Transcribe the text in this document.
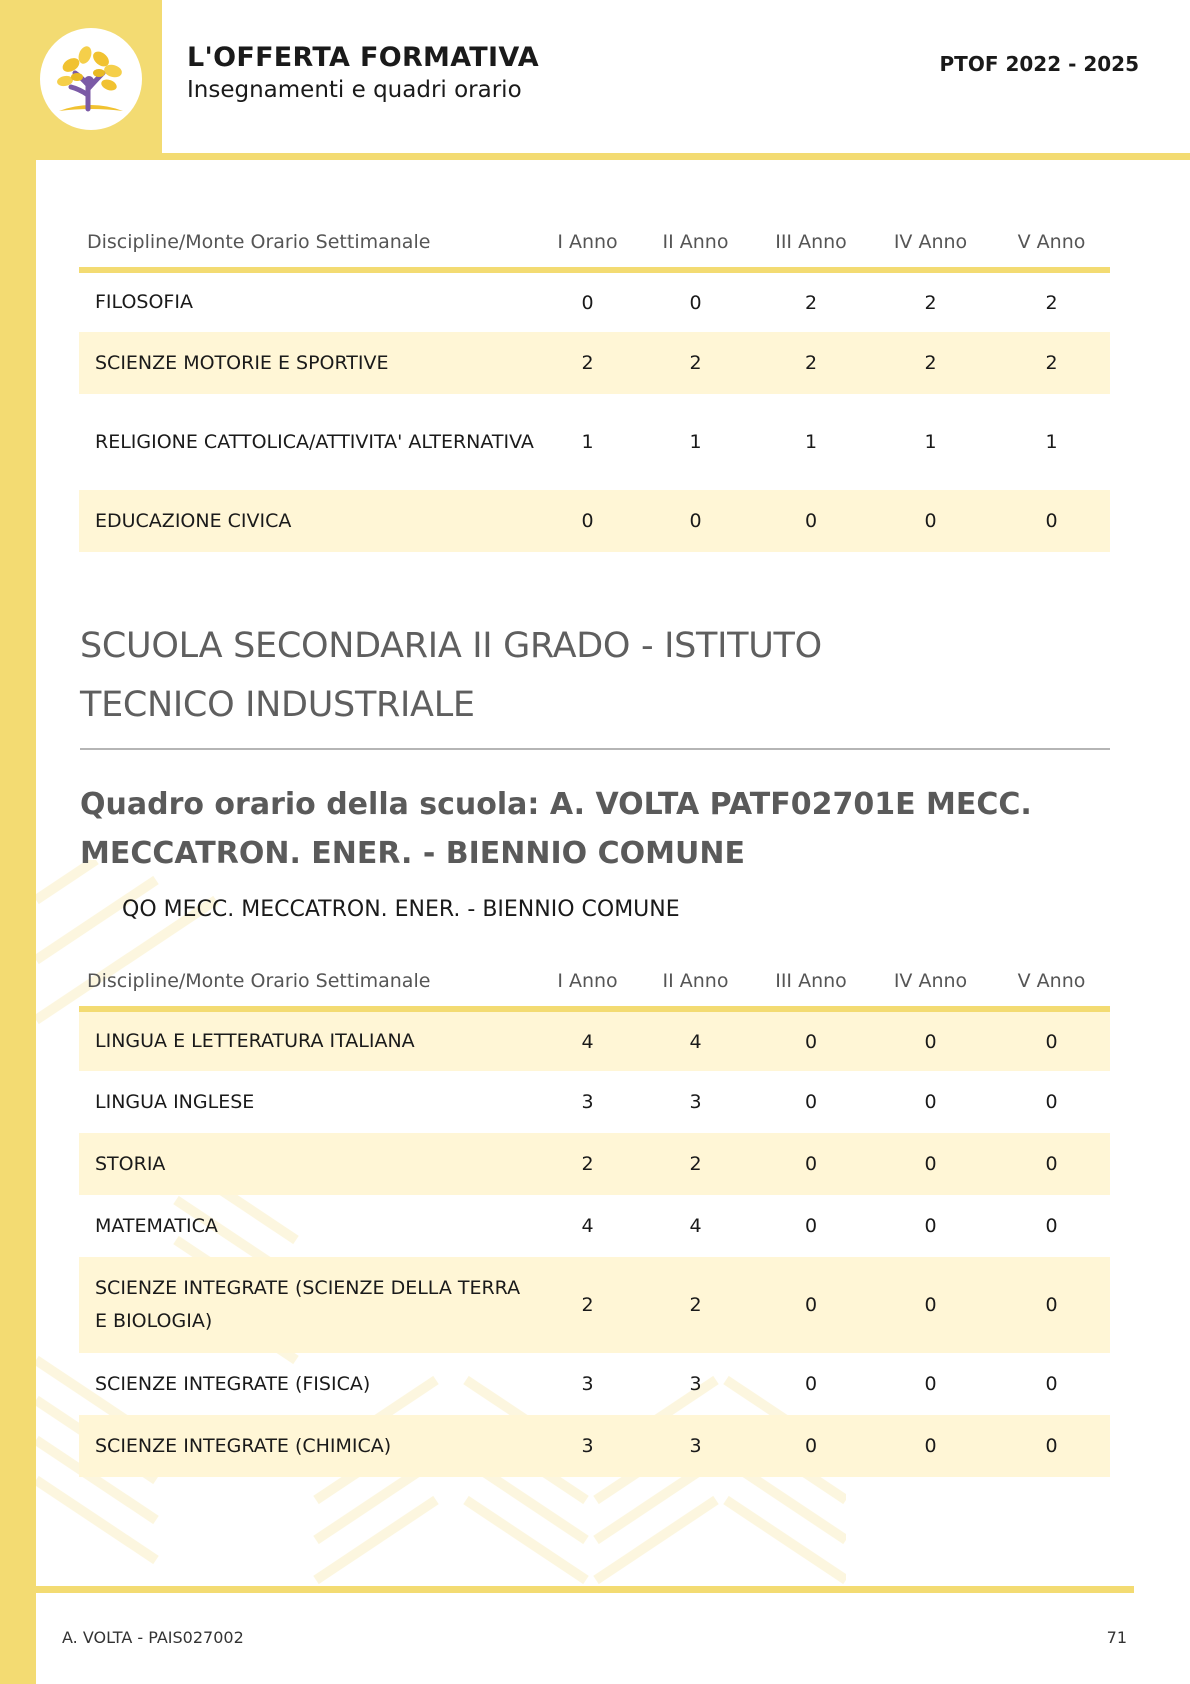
L'OFFERTA FORMATIVA
Insegnamenti e quadri orario
PTOF 2022 - 2025
Discipline/Monte Orario Settimanale	I Anno	II Anno	III Anno	IV Anno	V Anno
FILOSOFIA	0	0	2	2	2
SCIENZE MOTORIE E SPORTIVE	2	2	2	2	2
RELIGIONE CATTOLICA/ATTIVITA' ALTERNATIVA	1	1	1	1	1
EDUCAZIONE CIVICA	0	0	0	0	0
SCUOLA SECONDARIA II GRADO - ISTITUTO TECNICO INDUSTRIALE
Quadro orario della scuola: A. VOLTA PATF02701E MECC. MECCATRON. ENER. - BIENNIO COMUNE
QO MECC. MECCATRON. ENER. - BIENNIO COMUNE
Discipline/Monte Orario Settimanale	I Anno	II Anno	III Anno	IV Anno	V Anno
LINGUA E LETTERATURA ITALIANA	4	4	0	0	0
LINGUA INGLESE	3	3	0	0	0
STORIA	2	2	0	0	0
MATEMATICA	4	4	0	0	0
SCIENZE INTEGRATE (SCIENZE DELLA TERRA E BIOLOGIA)	2	2	0	0	0
SCIENZE INTEGRATE (FISICA)	3	3	0	0	0
SCIENZE INTEGRATE (CHIMICA)	3	3	0	0	0
A. VOLTA - PAIS027002	71
